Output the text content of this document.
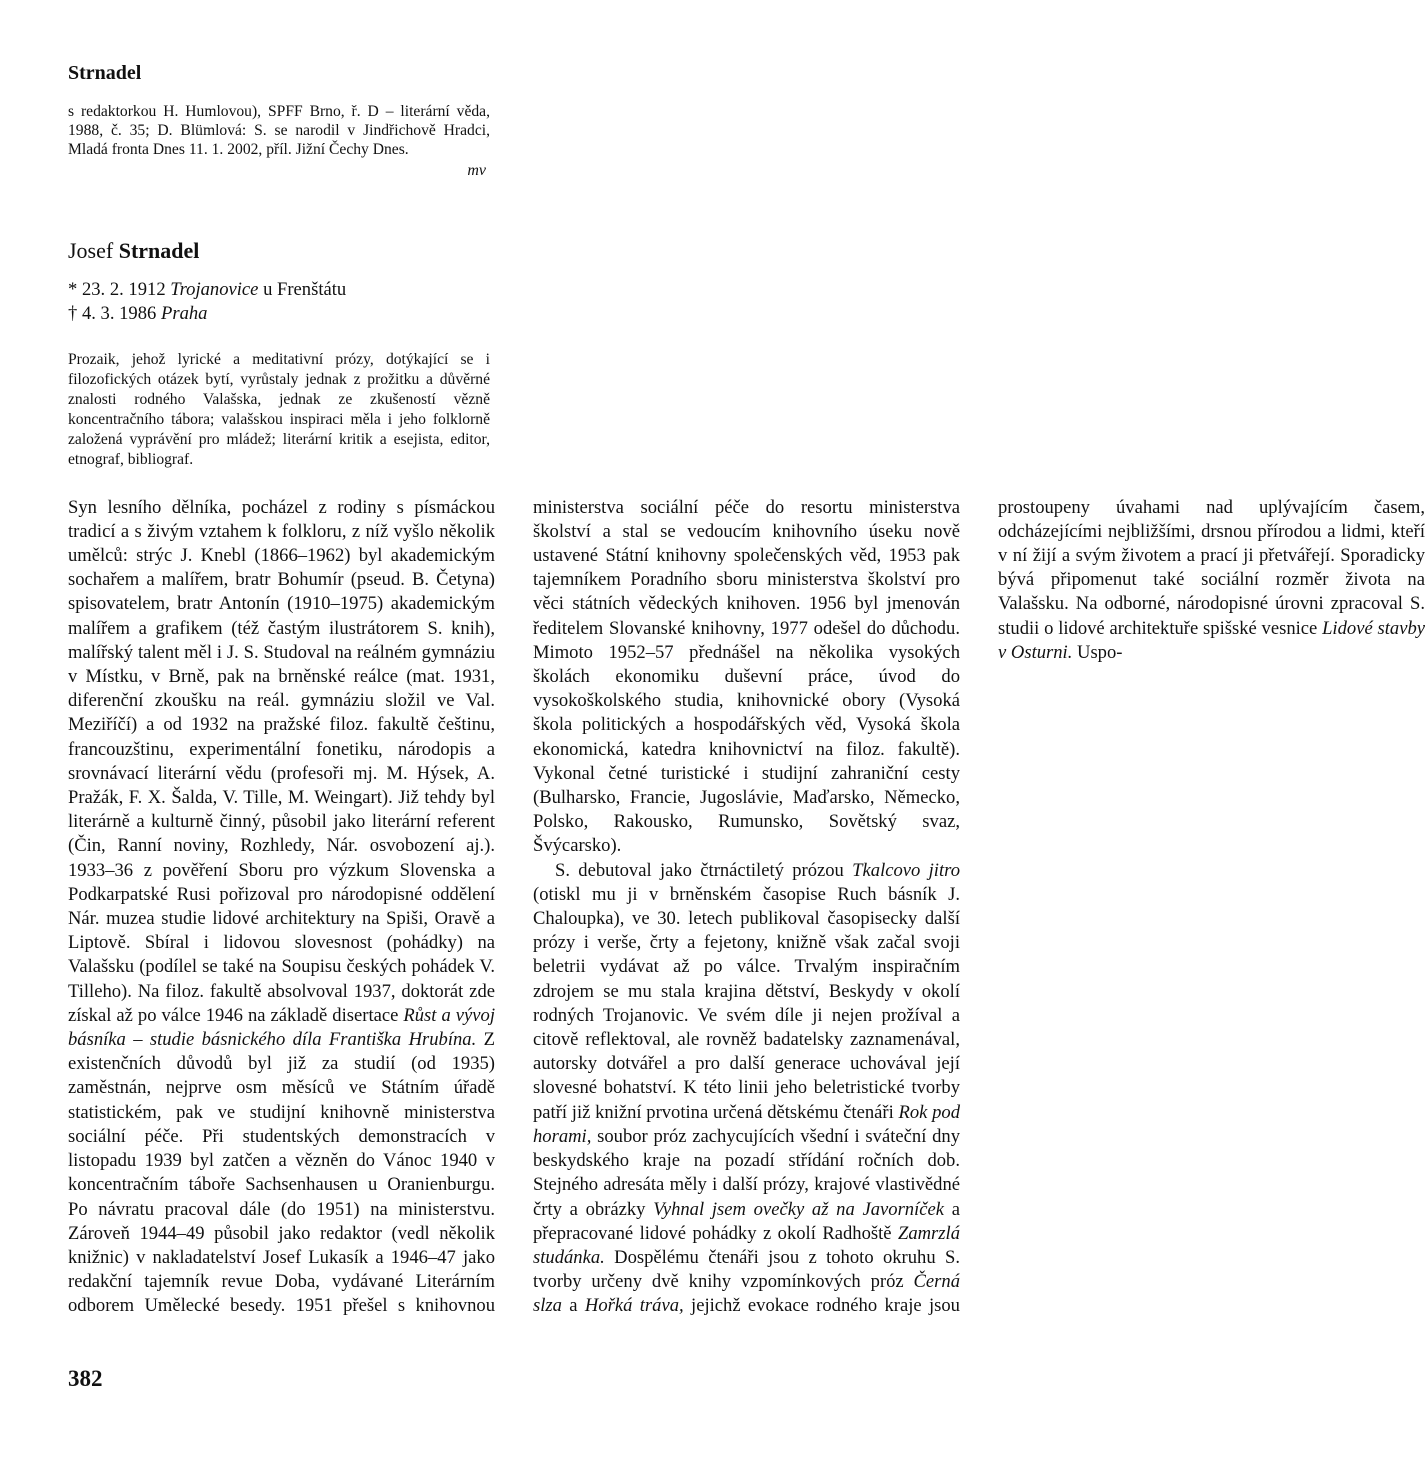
Strnadel
s redaktorkou H. Humlovou), SPFF Brno, ř. D – literární věda, 1988, č. 35; D. Blümlová: S. se narodil v Jindřichově Hradci, Mladá fronta Dnes 11. 1. 2002, příl. Jižní Čechy Dnes.
mv
Josef Strnadel
* 23. 2. 1912 Trojanovice u Frenštátu
† 4. 3. 1986 Praha
Prozaik, jehož lyrické a meditativní prózy, dotýkající se i filozofických otázek bytí, vyrůstaly jednak z prožitku a důvěrné znalosti rodného Valašska, jednak ze zkušeností vězně koncentračního tábora; valašskou inspiraci měla i jeho folklorně založená vyprávění pro mládež; literární kritik a esejista, editor, etnograf, bibliograf.
382

Syn lesního dělníka, pocházel z rodiny s písmáckou tradicí a s živým vztahem k folkloru, z níž vyšlo několik umělců: strýc J. Knebl (1866–1962) byl akademickým sochařem a malířem, bratr Bohumír (pseud. B. Četyna) spisovatelem, bratr Antonín (1910–1975) akademickým malířem a grafikem (též častým ilustrátorem S. knih), malířský talent měl i J. S. Studoval na reálném gymnáziu v Místku, v Brně, pak na brněnské reálce (mat. 1931, diferenční zkoušku na reál. gymnáziu složil ve Val. Meziříčí) a od 1932 na pražské filoz. fakultě češtinu, francouzštinu, experimentální fonetiku, národopis a srovnávací literární vědu (profesoři mj. M. Hýsek, A. Pražák, F. X. Šalda, V. Tille, M. Weingart). Již tehdy byl literárně a kulturně činný, působil jako literární referent (Čin, Ranní noviny, Rozhledy, Nár. osvobození aj.). 1933–36 z pověření Sboru pro výzkum Slovenska a Podkarpatské Rusi pořizoval pro národopisné oddělení Nár. muzea studie lidové architektury na Spiši, Oravě a Liptově. Sbíral i lidovou slovesnost (pohádky) na Valašsku (podílel se také na Soupisu českých pohádek V. Tilleho). Na filoz. fakultě absolvoval 1937, doktorát zde získal až po válce 1946 na základě disertace Růst a vývoj básníka – studie básnického díla Františka Hrubína. Z existenčních důvodů byl již za studií (od 1935) zaměstnán, nejprve osm měsíců ve Státním úřadě statistickém, pak ve studijní knihovně ministerstva sociální péče. Při studentských demonstracích v listopadu 1939 byl zatčen a vězněn do Vánoc 1940 v koncentračním táboře Sachsenhausen u Oranienburgu. Po návratu pracoval dále (do 1951) na ministerstvu. Zároveň 1944–49 působil jako redaktor (vedl několik knižnic) v nakladatelství Josef Lukasík a 1946–47 jako redakční tajemník revue Doba, vydávané Literárním odborem Umělecké besedy. 1951 přešel s knihovnou ministerstva sociální péče do resortu ministerstva školství a stal se vedoucím knihovního úseku nově ustavené Státní knihovny společenských věd, 1953 pak tajemníkem Poradního sboru ministerstva školství pro věci státních vědeckých knihoven. 1956 byl jmenován ředitelem Slovanské knihovny, 1977 odešel do důchodu. Mimoto 1952–57 přednášel na několika vysokých školách ekonomiku duševní práce, úvod do vysokoškolského studia, knihovnické obory (Vysoká škola politických a hospodářských věd, Vysoká škola ekonomická, katedra knihovnictví na filoz. fakultě). Vykonal četné turistické i studijní zahraniční cesty (Bulharsko, Francie, Jugoslávie, Maďarsko, Německo, Polsko, Rakousko, Rumunsko, Sovětský svaz, Švýcarsko).

S. debutoval jako čtrnáctiletý prózou Tkalcovo jitro (otiskl mu ji v brněnském časopise Ruch básník J. Chaloupka), ve 30. letech publikoval časopisecky další prózy i verše, črty a fejetony, knižně však začal svoji beletrii vydávat až po válce. Trvalým inspiračním zdrojem se mu stala krajina dětství, Beskydy v okolí rodných Trojanovic. Ve svém díle ji nejen prožíval a citově reflektoval, ale rovněž badatelsky zaznamenával, autorsky dotvářel a pro další generace uchovával její slovesné bohatství. K této linii jeho beletristické tvorby patří již knižní prvotina určená dětskému čtenáři Rok pod horami, soubor próz zachycujících všední i sváteční dny beskydského kraje na pozadí střídání ročních dob. Stejného adresáta měly i další prózy, krajové vlastivědné črty a obrázky Vyhnal jsem ovečky až na Javorníček a přepracované lidové pohádky z okolí Radhoště Zamrzlá studánka. Dospělému čtenáři jsou z tohoto okruhu S. tvorby určeny dvě knihy vzpomínkových próz Černá slza a Hořká tráva, jejichž evokace rodného kraje jsou prostoupeny úvahami nad uplývajícím časem, odcházejícími nejbližšími, drsnou přírodou a lidmi, kteří v ní žijí a svým životem a prací ji přetvářejí. Sporadicky bývá připomenut také sociální rozměr života na Valašsku. Na odborné, národopisné úrovni zpracoval S. studii o lidové architektuře spišské vesnice Lidové stavby v Osturni. Uspo-
